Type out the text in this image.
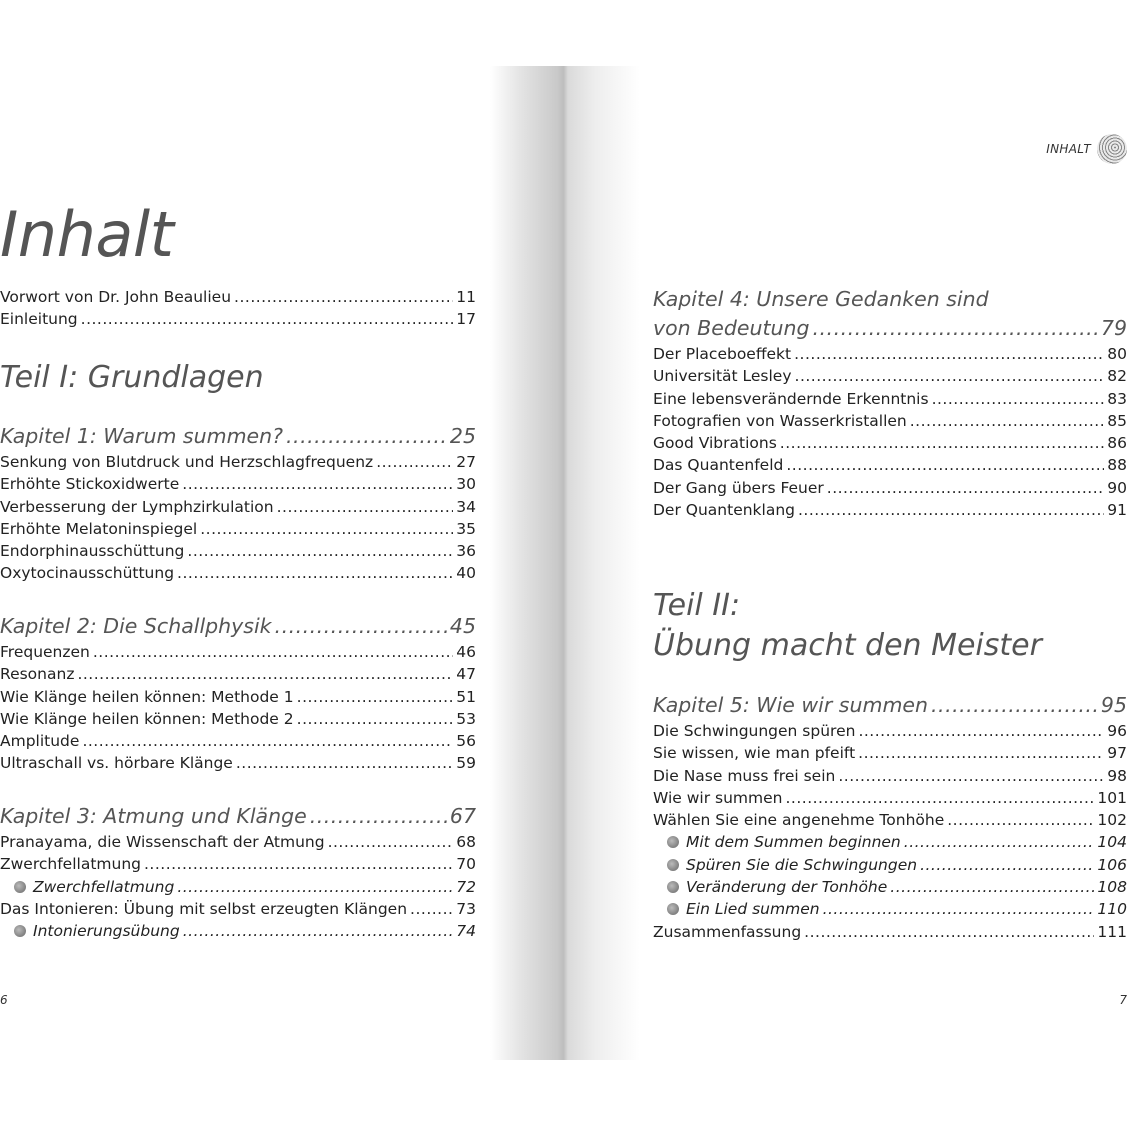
INHALT
Inhalt
Vorwort von Dr. John Beaulieu .....	11
Einleitung .....	17
Teil I: Grundlagen
Kapitel 1: Warum summen? .....	25
Senkung von Blutdruck und Herzschlagfrequenz .....	27
Erhöhte Stickoxidwerte .....	30
Verbesserung der Lymphzirkulation .....	34
Erhöhte Melatoninspiegel .....	35
Endorphinausschüttung .....	36
Oxytocinausschüttung .....	40
Kapitel 2: Die Schallphysik .....	45
Frequenzen .....	46
Resonanz .....	47
Wie Klänge heilen können: Methode 1 .....	51
Wie Klänge heilen können: Methode 2 .....	53
Amplitude .....	56
Ultraschall vs. hörbare Klänge .....	59
Kapitel 3: Atmung und Klänge .....	67
Pranayama, die Wissenschaft der Atmung .....	68
Zwerchfellatmung .....	70
Zwerchfellatmung .....	72
Das Intonieren: Übung mit selbst erzeugten Klängen .....	73
Intonierungsübung .....	74
6
Kapitel 4: Unsere Gedanken sind
von Bedeutung .....	79
Der Placeboeffekt .....	80
Universität Lesley .....	82
Eine lebensverändernde Erkenntnis .....	83
Fotografien von Wasserkristallen .....	85
Good Vibrations .....	86
Das Quantenfeld .....	88
Der Gang übers Feuer .....	90
Der Quantenklang .....	91
Teil II:
Übung macht den Meister
Kapitel 5: Wie wir summen .....	95
Die Schwingungen spüren .....	96
Sie wissen, wie man pfeift .....	97
Die Nase muss frei sein .....	98
Wie wir summen .....	101
Wählen Sie eine angenehme Tonhöhe .....	102
Mit dem Summen beginnen .....	104
Spüren Sie die Schwingungen .....	106
Veränderung der Tonhöhe .....	108
Ein Lied summen .....	110
Zusammenfassung .....	111
7
